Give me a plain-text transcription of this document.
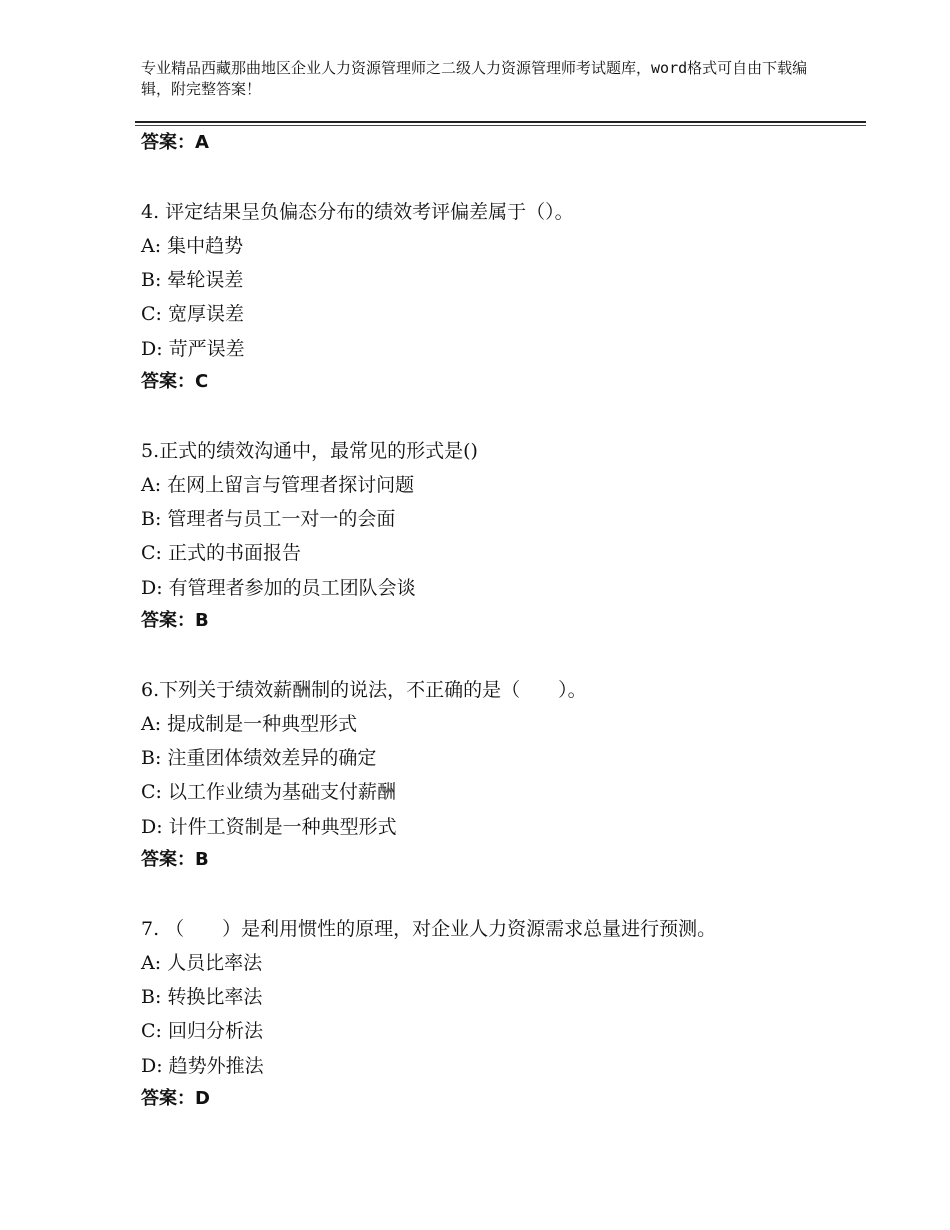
专业精品西藏那曲地区企业人力资源管理师之二级人力资源管理师考试题库，word格式可自由下载编辑，附完整答案！
答案：A
4. 评定结果呈负偏态分布的绩效考评偏差属于（）。
A: 集中趋势
B: 晕轮误差
C: 宽厚误差
D: 苛严误差
答案：C
5.正式的绩效沟通中，最常见的形式是()
A: 在网上留言与管理者探讨问题
B: 管理者与员工一对一的会面
C: 正式的书面报告
D: 有管理者参加的员工团队会谈
答案：B
6.下列关于绩效薪酬制的说法，不正确的是（　　）。
A: 提成制是一种典型形式
B: 注重团体绩效差异的确定
C: 以工作业绩为基础支付薪酬
D: 计件工资制是一种典型形式
答案：B
7. （　　）是利用惯性的原理，对企业人力资源需求总量进行预测。
A: 人员比率法
B: 转换比率法
C: 回归分析法
D: 趋势外推法
答案：D
